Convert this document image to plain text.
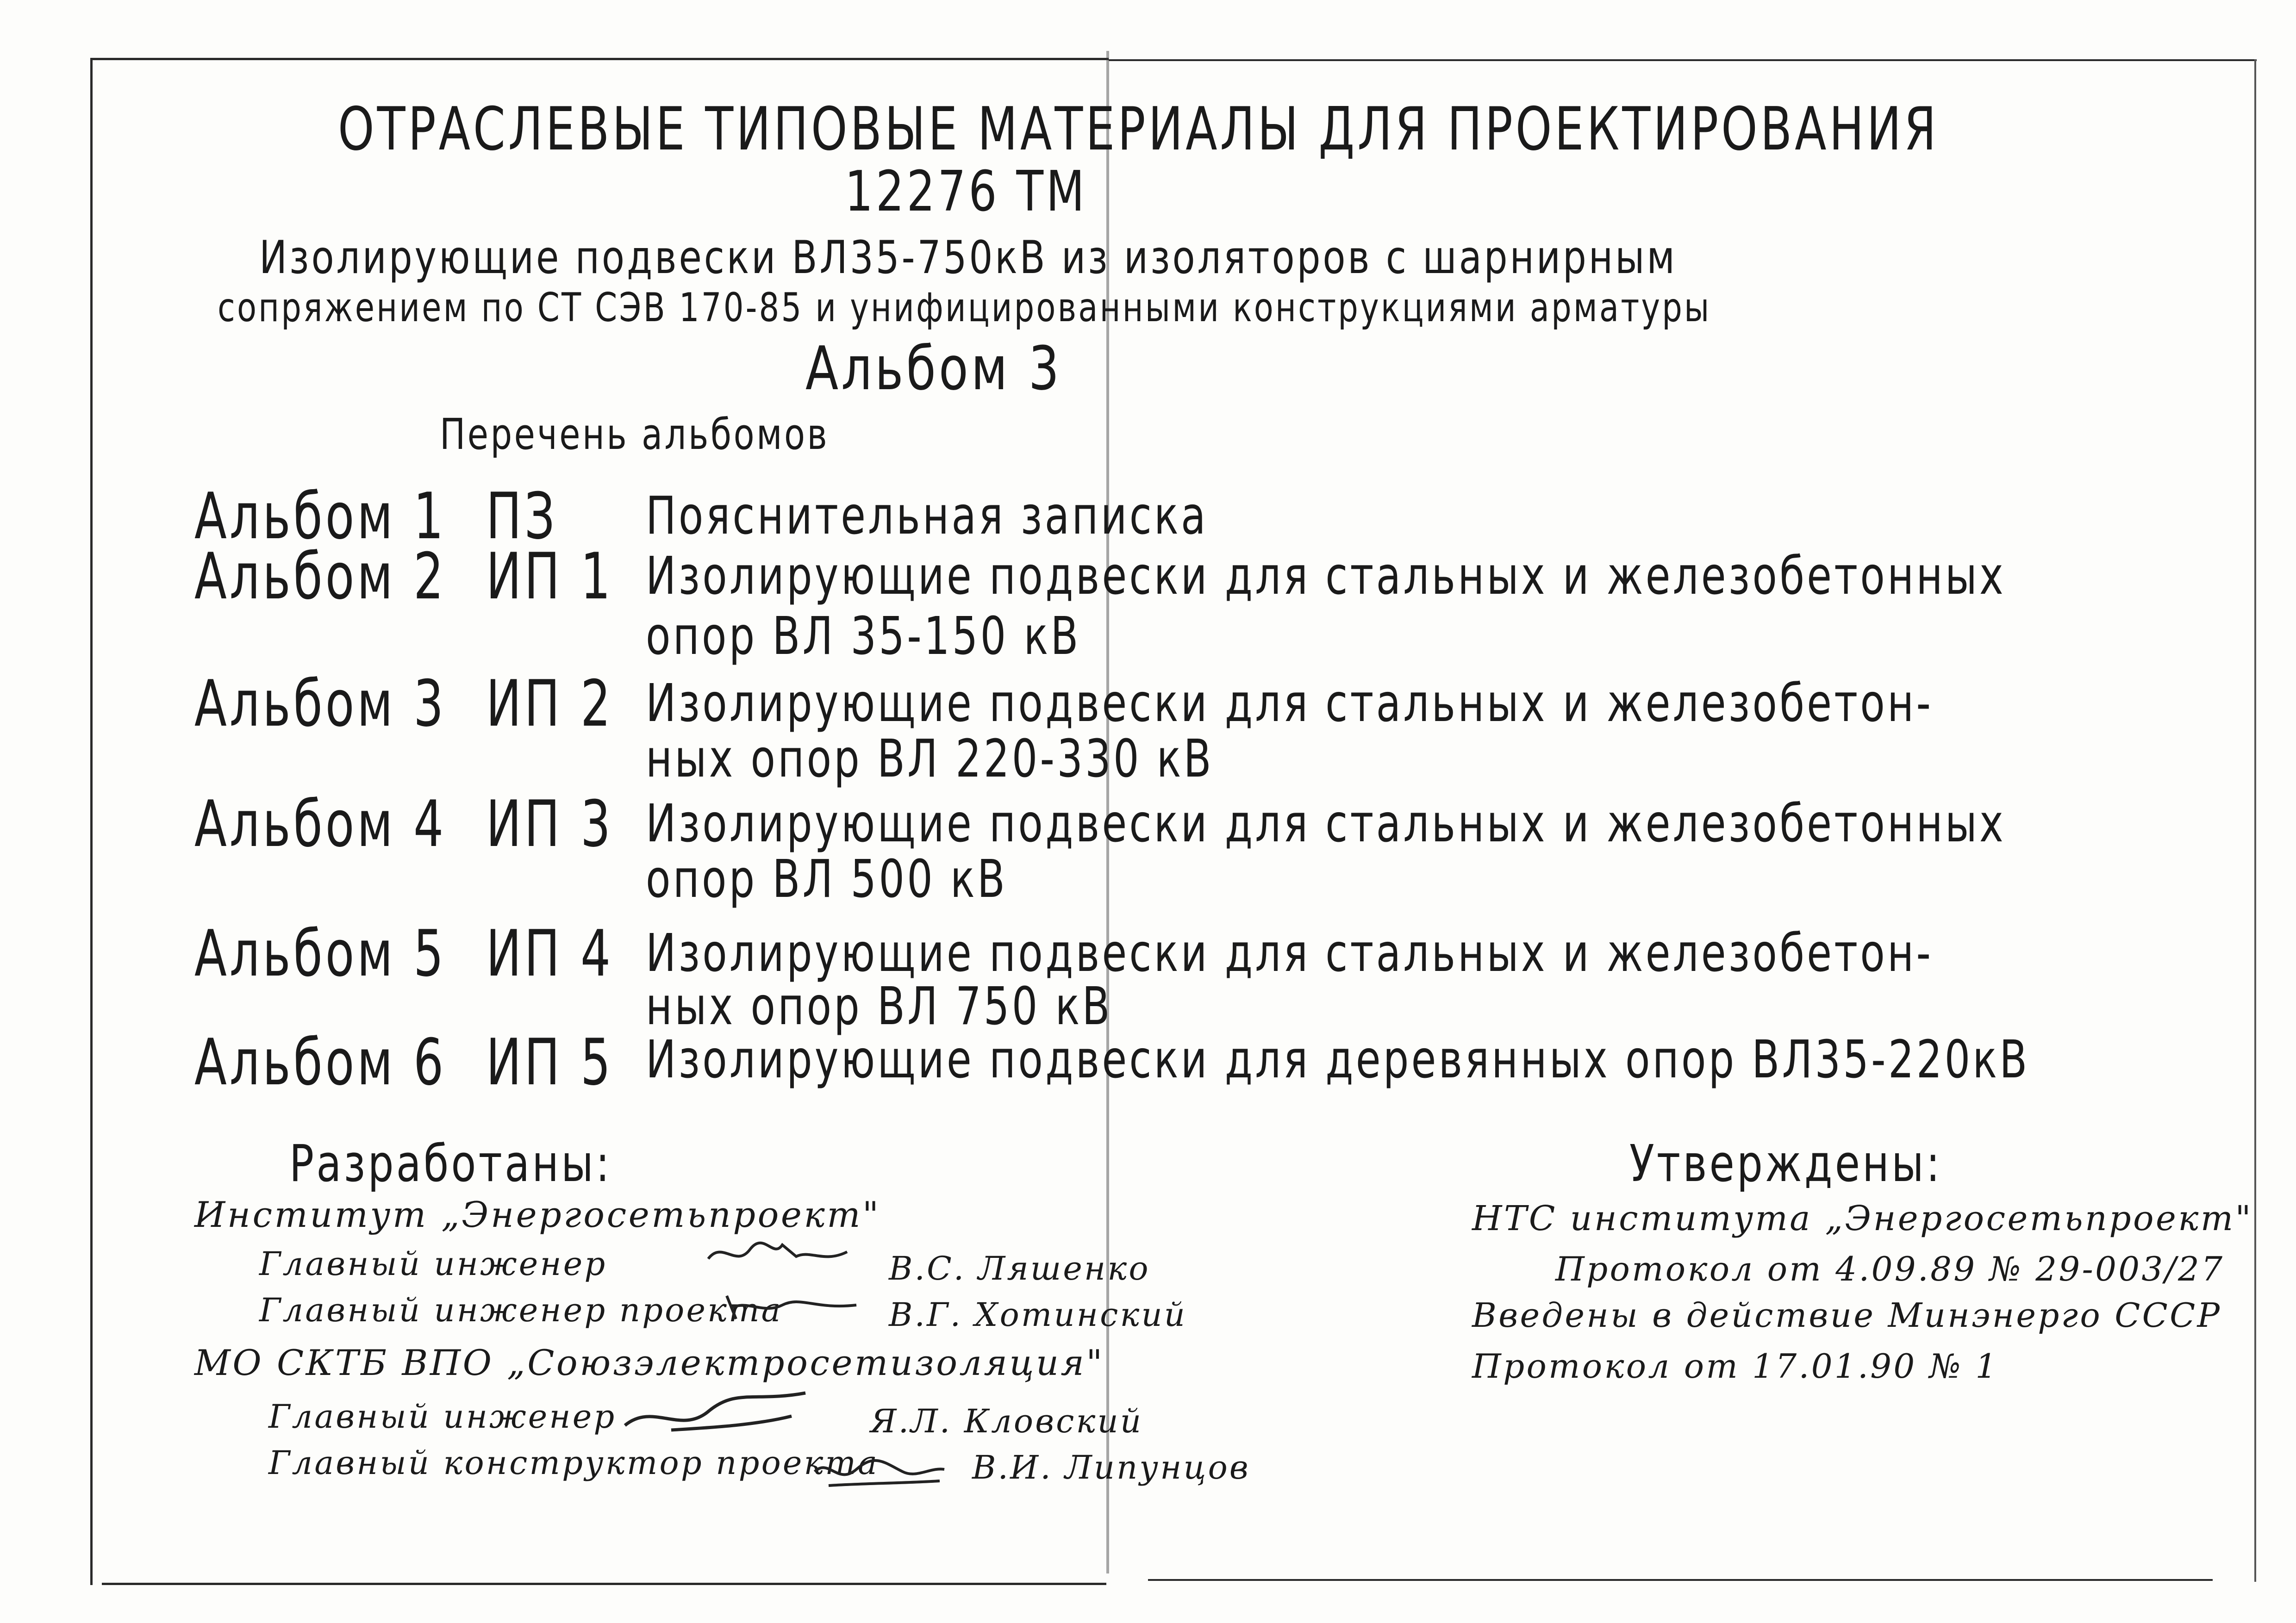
ОТРАСЛЕВЫЕ ТИПОВЫЕ МАТЕРИАЛЫ ДЛЯ ПРОЕКТИРОВАНИЯ
12276 ТМ
Изолирующие подвески ВЛ35-750кВ из изоляторов с шарнирным
сопряжением по СТ СЭВ 170-85 и унифицированными конструкциями арматуры
Альбом 3
Перечень альбомов
Альбом 1 ПЗ Пояснительная записка
Альбом 2 ИП 1 Изолирующие подвески для стальных и железобетонных
опор ВЛ 35-150 кВ
Альбом 3 ИП 2 Изолирующие подвески для стальных и железобетон-
ных опор ВЛ 220-330 кВ
Альбом 4 ИП 3 Изолирующие подвески для стальных и железобетонных
опор ВЛ 500 кВ
Альбом 5 ИП 4 Изолирующие подвески для стальных и железобетон-
ных опор ВЛ 750 кВ
Альбом 6 ИП 5 Изолирующие подвески для деревянных опор ВЛ35-220кВ
Разработаны:
Институт „Энергосетьпроект"
Главный инженер	В.С. Ляшенко
Главный инженер проекта	В.Г. Хотинский
МО СКТБ ВПО „Союзэлектросетизоляция"
Главный инженер	Я.Л. Кловский
Главный конструктор проекта	В.И. Липунцов
Утверждены:
НТС института „Энергосетьпроект"
Протокол от 4.09.89 № 29-003/27
Введены в действие Минэнерго СССР
Протокол от 17.01.90 № 1
